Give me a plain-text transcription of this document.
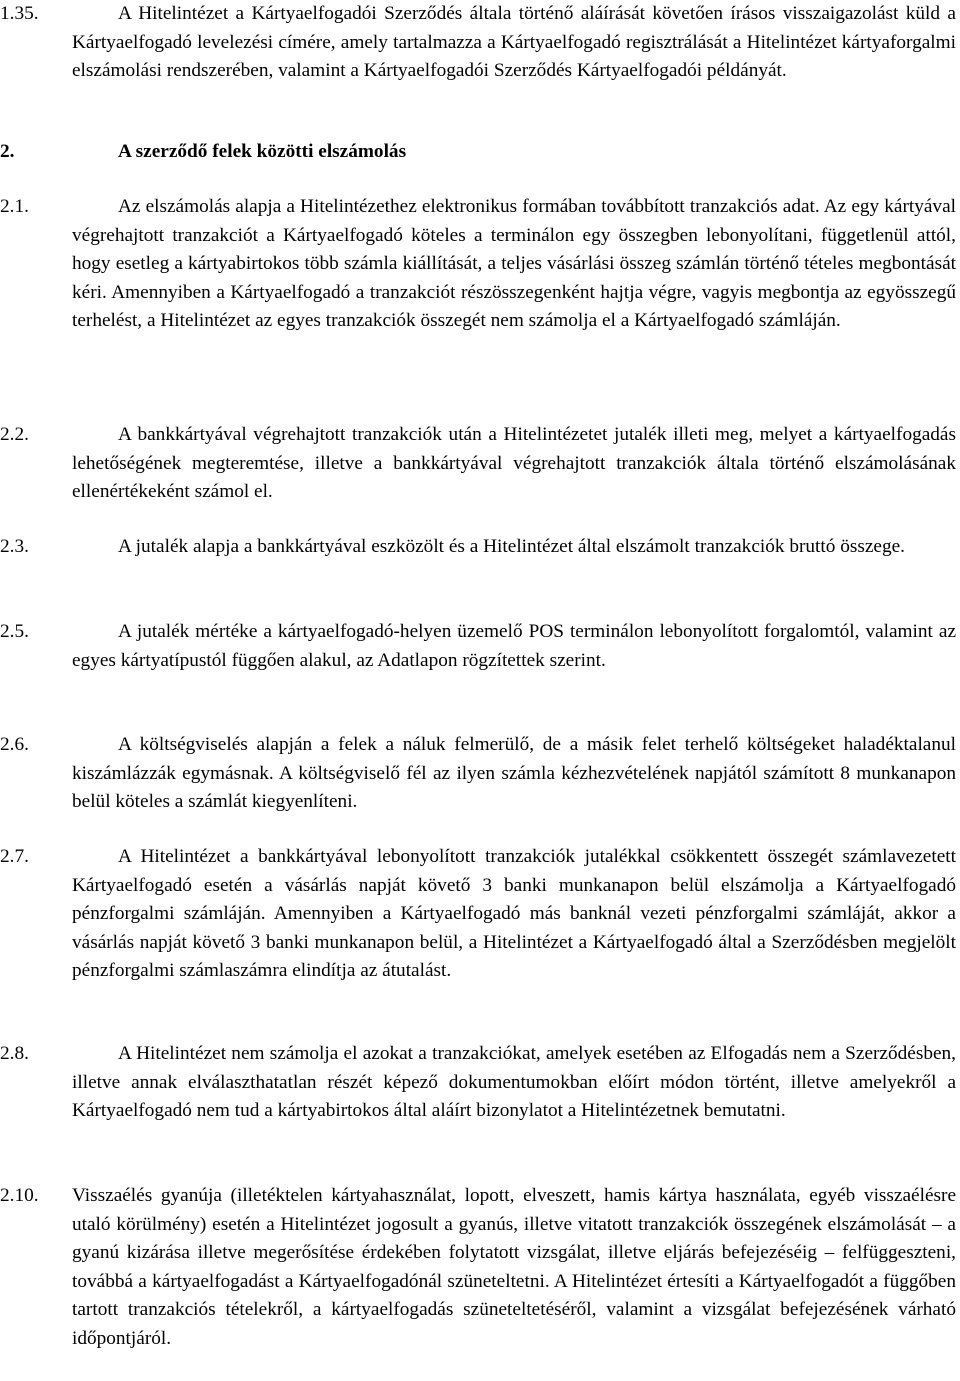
1.35.	A Hitelintézet a Kártyaelfogadói Szerződés általa történő aláírását követően írásos visszaigazolást küld a Kártyaelfogadó levelezési címére, amely tartalmazza a Kártyaelfogadó regisztrálását a Hitelintézet kártyaforgalmi elszámolási rendszerében, valamint a Kártyaelfogadói Szerződés Kártyaelfogadói példányát.
2.	A szerződő felek közötti elszámolás
2.1.	Az elszámolás alapja a Hitelintézethez elektronikus formában továbbított tranzakciós adat. Az egy kártyával végrehajtott tranzakciót a Kártyaelfogadó köteles a terminálon egy összegben lebonyolítani, függetlenül attól, hogy esetleg a kártyabirtokos több számla kiállítását, a teljes vásárlási összeg számlán történő tételes megbontását kéri. Amennyiben a Kártyaelfogadó a tranzakciót részösszegenként hajtja végre, vagyis megbontja az egyösszegű terhelést, a Hitelintézet az egyes tranzakciók összegét nem számolja el a Kártyaelfogadó számláján.
2.2.	A bankkártyával végrehajtott tranzakciók után a Hitelintézetet jutalék illeti meg, melyet a kártyaelfogadás lehetőségének megteremtése, illetve a bankkártyával végrehajtott tranzakciók általa történő elszámolásának ellenértékeként számol el.
2.3.	A jutalék alapja a bankkártyával eszközölt és a Hitelintézet által elszámolt tranzakciók bruttó összege.
2.5.	A jutalék mértéke a kártyaelfogadó-helyen üzemelő POS terminálon lebonyolított forgalomtól, valamint az egyes kártyatípustól függően alakul, az Adatlapon rögzítettek szerint.
2.6.	A költségviselés alapján a felek a náluk felmerülő, de a másik felet terhelő költségeket haladéktalanul kiszámlázzák egymásnak. A költségviselő fél az ilyen számla kézhezvételének napjától számított 8 munkanapon belül köteles a számlát kiegyenlíteni.
2.7.	A Hitelintézet a bankkártyával lebonyolított tranzakciók jutalékkal csökkentett összegét számlavezetett Kártyaelfogadó esetén a vásárlás napját követő 3 banki munkanapon belül elszámolja a Kártyaelfogadó pénzforgalmi számláján. Amennyiben a Kártyaelfogadó más banknál vezeti pénzforgalmi számláját, akkor a vásárlás napját követő 3 banki munkanapon belül, a Hitelintézet a Kártyaelfogadó által a Szerződésben megjelölt pénzforgalmi számlaszámra elindítja az átutalást.
2.8.	A Hitelintézet nem számolja el azokat a tranzakciókat, amelyek esetében az Elfogadás nem a Szerződésben, illetve annak elválaszthatatlan részét képező dokumentumokban előírt módon történt, illetve amelyekről a Kártyaelfogadó nem tud a kártyabirtokos által aláírt bizonylatot a Hitelintézetnek bemutatni.
2.10. Visszaélés gyanúja (illetéktelen kártyahasználat, lopott, elveszett, hamis kártya használata, egyéb visszaélésre utaló körülmény) esetén a Hitelintézet jogosult a gyanús, illetve vitatott tranzakciók összegének elszámolását – a gyanú kizárása illetve megerősítése érdekében folytatott vizsgálat, illetve eljárás befejezéséig – felfüggeszteni, továbbá a kártyaelfogadást a Kártyaelfogadónál szüneteltetni. A Hitelintézet értesíti a Kártyaelfogadót a függőben tartott tranzakciós tételekről, a kártyaelfogadás szüneteltetéséről, valamint a vizsgálat befejezésének várható időpontjáról.
